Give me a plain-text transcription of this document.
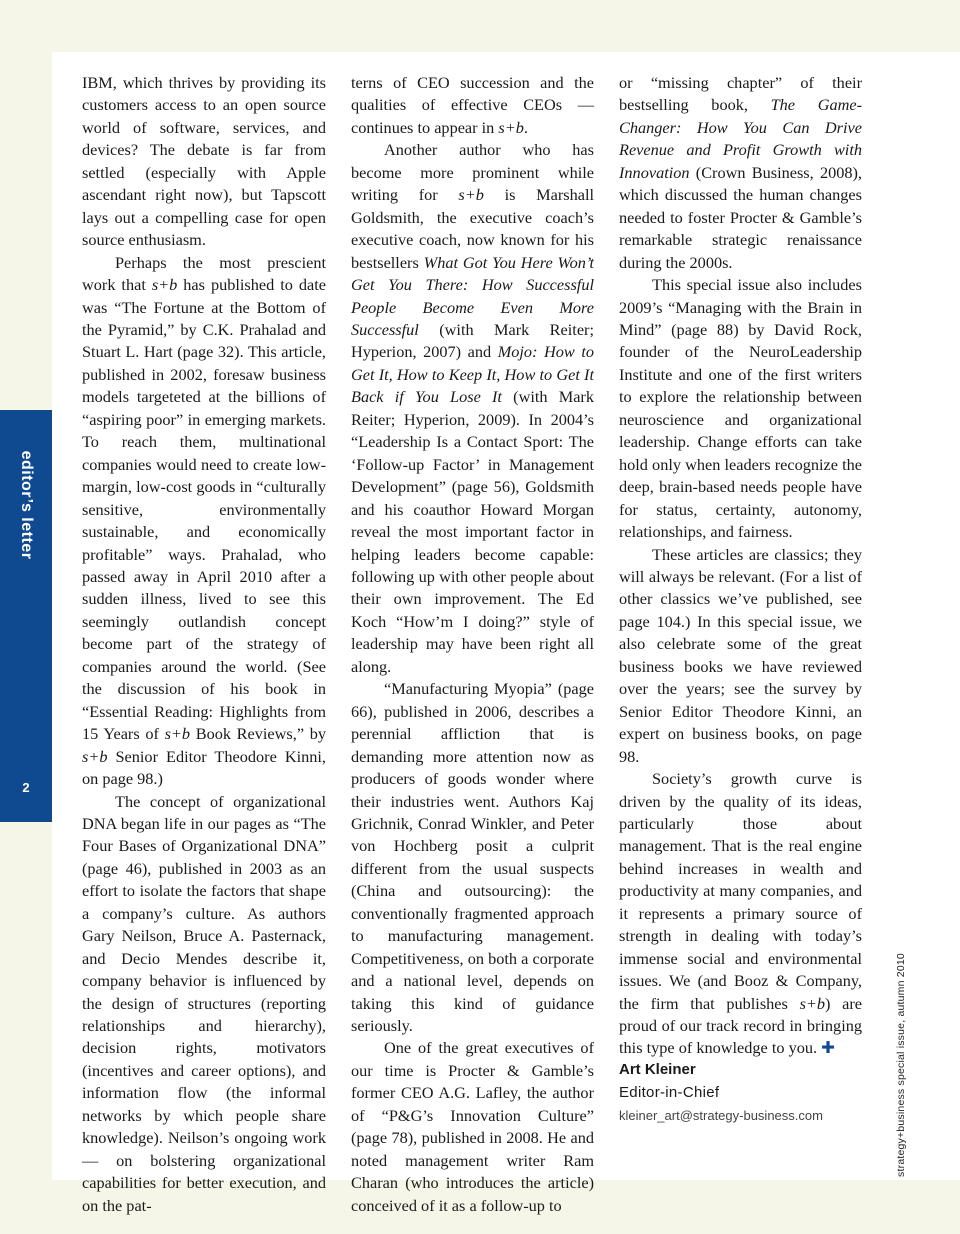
editor’s letter
2

IBM, which thrives by providing its customers access to an open source world of software, services, and devices? The debate is far from settled (especially with Apple ascendant right now), but Tapscott lays out a compelling case for open source enthusiasm.

Perhaps the most prescient work that s+b has published to date was “The Fortune at the Bottom of the Pyramid,” by C.K. Prahalad and Stuart L. Hart (page 32). This article, published in 2002, foresaw business models targeteted at the billions of “aspiring poor” in emerging markets. To reach them, multinational companies would need to create low-margin, low-cost goods in “culturally sensitive, environmentally sustainable, and economically profitable” ways. Prahalad, who passed away in April 2010 after a sudden illness, lived to see this seemingly outlandish concept become part of the strategy of companies around the world. (See the discussion of his book in “Essential Reading: Highlights from 15 Years of s+b Book Reviews,” by s+b Senior Editor Theodore Kinni, on page 98.)

The concept of organizational DNA began life in our pages as “The Four Bases of Organizational DNA” (page 46), published in 2003 as an effort to isolate the factors that shape a company’s culture. As authors Gary Neilson, Bruce A. Pasternack, and Decio Mendes describe it, company behavior is influenced by the design of structures (reporting relationships and hierarchy), decision rights, motivators (incentives and career options), and information flow (the informal networks by which people share knowledge). Neilson’s ongoing work — on bolstering organizational capabilities for better execution, and on the pat-

terns of CEO succession and the qualities of effective CEOs — continues to appear in s+b.

Another author who has become more prominent while writing for s+b is Marshall Goldsmith, the executive coach’s executive coach, now known for his bestsellers What Got You Here Won’t Get You There: How Successful People Become Even More Successful (with Mark Reiter; Hyperion, 2007) and Mojo: How to Get It, How to Keep It, How to Get It Back if You Lose It (with Mark Reiter; Hyperion, 2009). In 2004’s “Leadership Is a Contact Sport: The ‘Follow-up Factor’ in Management Development” (page 56), Goldsmith and his coauthor Howard Morgan reveal the most important factor in helping leaders become capable: following up with other people about their own improvement. The Ed Koch “How’m I doing?” style of leadership may have been right all along.

“Manufacturing Myopia” (page 66), published in 2006, describes a perennial affliction that is demanding more attention now as producers of goods wonder where their industries went. Authors Kaj Grichnik, Conrad Winkler, and Peter von Hochberg posit a culprit different from the usual suspects (China and outsourcing): the conventionally fragmented approach to manufacturing management. Competitiveness, on both a corporate and a national level, depends on taking this kind of guidance seriously.

One of the great executives of our time is Procter & Gamble’s former CEO A.G. Lafley, the author of “P&G’s Innovation Culture” (page 78), published in 2008. He and noted management writer Ram Charan (who introduces the article) conceived of it as a follow-up to

or “missing chapter” of their bestselling book, The Game-Changer: How You Can Drive Revenue and Profit Growth with Innovation (Crown Business, 2008), which discussed the human changes needed to foster Procter & Gamble’s remarkable strategic renaissance during the 2000s.

This special issue also includes 2009’s “Managing with the Brain in Mind” (page 88) by David Rock, founder of the NeuroLeadership Institute and one of the first writers to explore the relationship between neuroscience and organizational leadership. Change efforts can take hold only when leaders recognize the deep, brain-based needs people have for status, certainty, autonomy, relationships, and fairness.

These articles are classics; they will always be relevant. (For a list of other classics we’ve published, see page 104.) In this special issue, we also celebrate some of the great business books we have reviewed over the years; see the survey by Senior Editor Theodore Kinni, an expert on business books, on page 98.

Society’s growth curve is driven by the quality of its ideas, particularly those about management. That is the real engine behind increases in wealth and productivity at many companies, and it represents a primary source of strength in dealing with today’s immense social and environmental issues. We (and Booz & Company, the firm that publishes s+b) are proud of our track record in bringing this type of knowledge to you. ✚

Art Kleiner
Editor-in-Chief
kleiner_art@strategy-business.com	strategy+business special issue, autumn 2010
